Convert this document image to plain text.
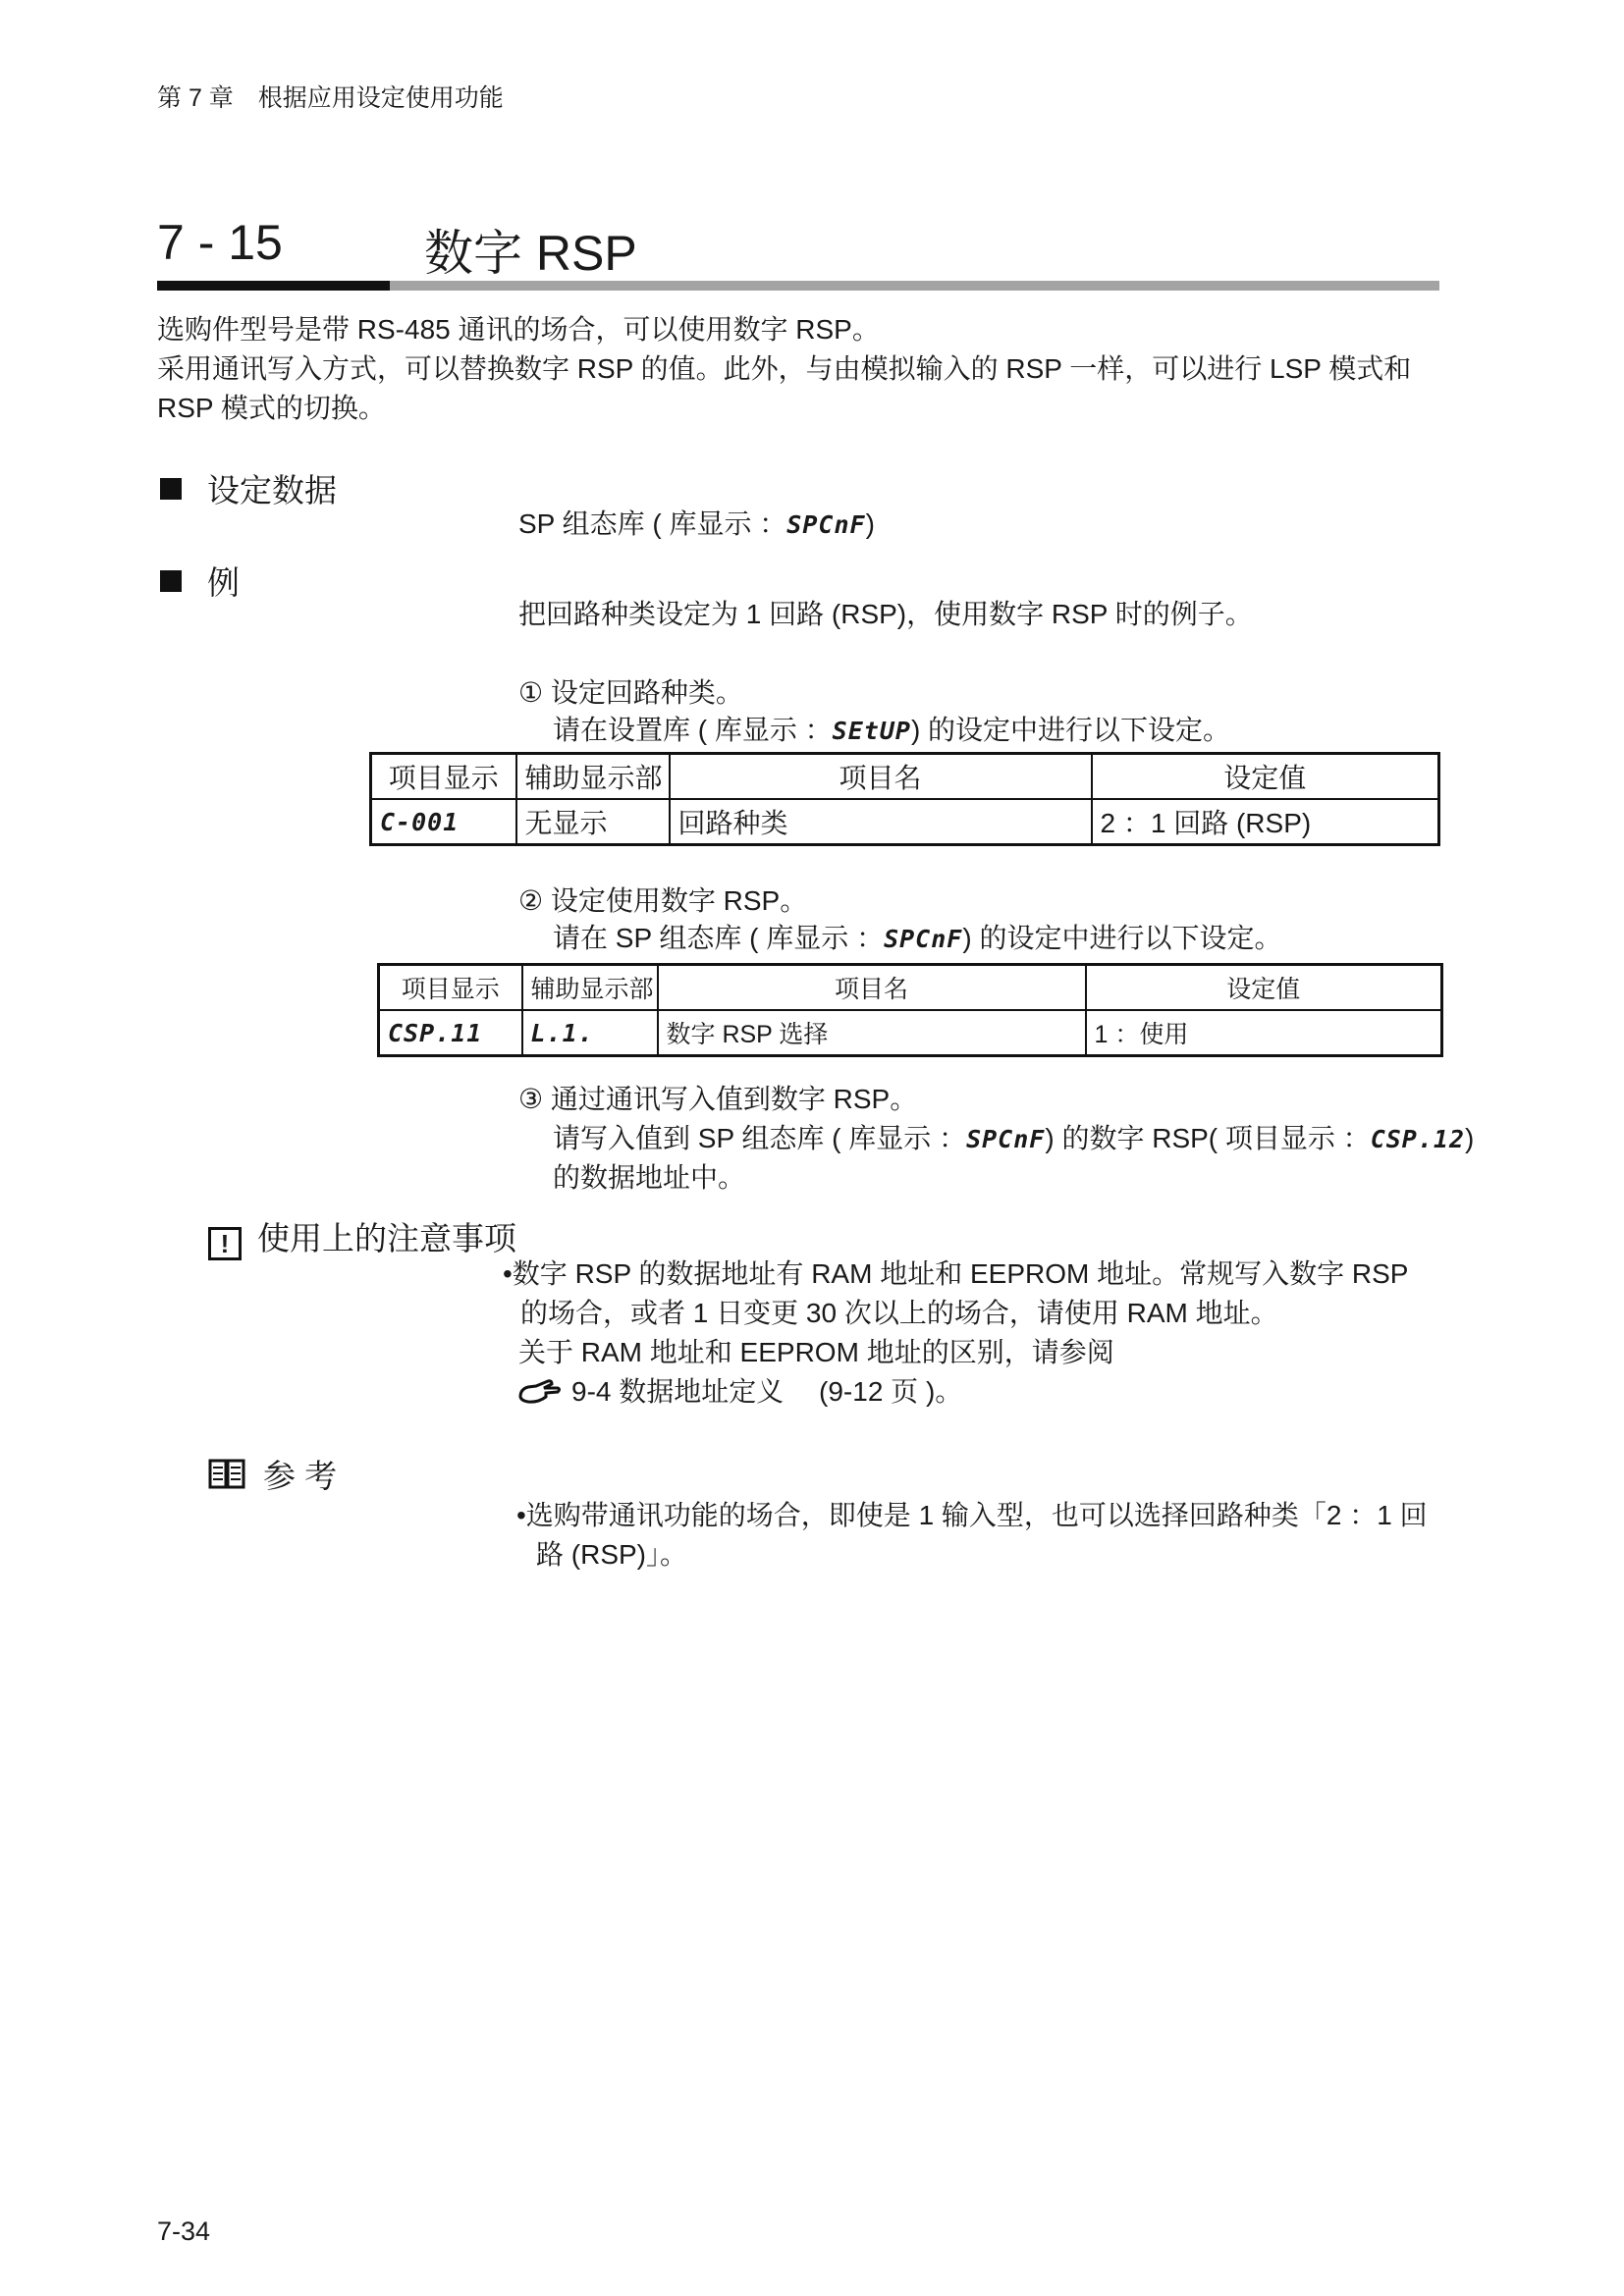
第 7 章　根据应用设定使用功能
7 - 15	数字 RSP

选购件型号是带 RS-485 通讯的场合，可以使用数字 RSP。

采用通讯写入方式，可以替换数字 RSP 的值。此外，与由模拟输入的 RSP 一样，可以进行 LSP 模式和

RSP 模式的切换。

设定数据
SP 组态库 ( 库显示 ：SPCnF)
例
把回路种类设定为 1 回路 (RSP)，使用数字 RSP 时的例子。
① 设定回路种类。
请在设置库 ( 库显示 ：SEtUP) 的设定中进行以下设定。
项目显示	辅助显示部	项目名	设定值
C-001	无显示	回路种类	2 ：1 回路 (RSP)
② 设定使用数字 RSP。
请在 SP 组态库 ( 库显示 ：SPCnF) 的设定中进行以下设定。
项目显示	辅助显示部	项目名	设定值
CSP.11	L.1.	数字 RSP 选择	1 ：使用
③ 通过通讯写入值到数字 RSP。
请写入值到 SP 组态库 ( 库显示 ：SPCnF) 的数字 RSP( 项目显示 ：CSP.12)
的数据地址中。
! 使用上的注意事项
•数字 RSP 的数据地址有 RAM 地址和 EEPROM 地址。常规写入数字 RSP
的场合，或者 1 日变更 30 次以上的场合，请使用 RAM 地址。
关于 RAM 地址和 EEPROM 地址的区别，请参阅
9-4 数据地址定义 　(9-12 页 )。
参 考
•选购带通讯功能的场合，即使是 1 输入型，也可以选择回路种类「2 ：1 回
路 (RSP)」。
7-34
